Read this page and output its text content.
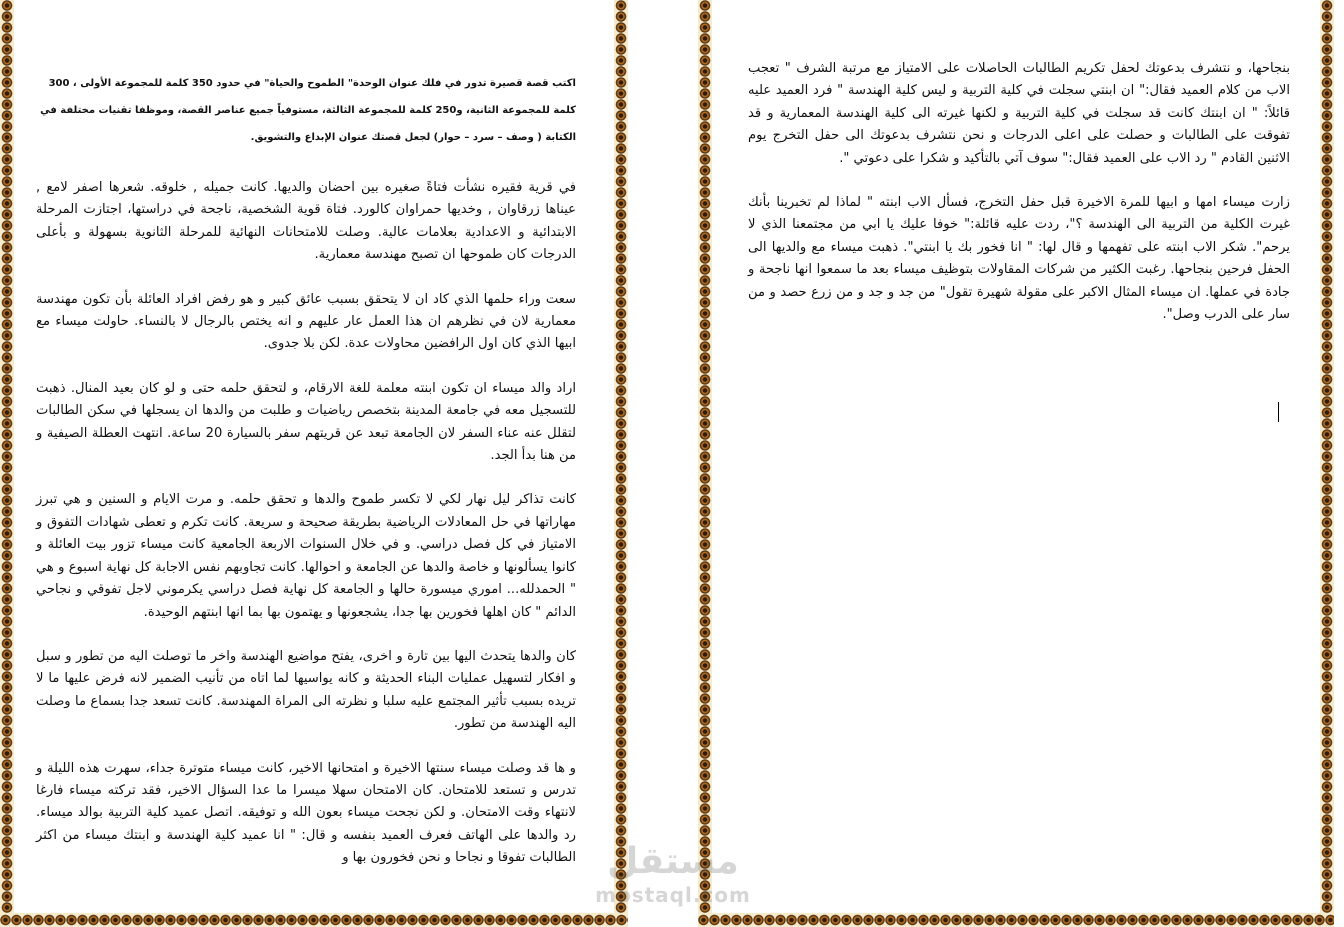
اكتب قصة قصيرة تدور في فلك عنوان الوحدة" الطموح والحياة" في حدود 350 كلمة للمجموعة الأولى ، 300 كلمة للمجموعة الثانية، و250 كلمة للمجموعة الثالثة، مستوفياً جميع عناصر القصة، وموظفا تقنيات مختلفة في الكتابة ( وصف – سرد – حوار) لجعل قصتك عنوان الإبداع والتشويق.

في قرية فقيره نشأت فتاةً صغيره بين احضان والديها. كانت جميله , خلوقه. شعرها اصفر لامع , عيناها زرقاوان , وخديها حمراوان كالورد. فتاة قوية الشخصية، ناجحة في دراستها، اجتازت المرحلة الابتدائية و الاعدادية بعلامات عالية. وصلت للامتحانات النهائية للمرحلة الثانوية بسهولة و بأعلى الدرجات كان طموحها ان تصبح مهندسة معمارية.

سعت وراء حلمها الذي كاد ان لا يتحقق بسبب عائق كبير و هو رفض افراد العائلة بأن تكون مهندسة معمارية لان في نظرهم ان هذا العمل عار عليهم و انه يختص بالرجال لا بالنساء. حاولت ميساء مع ابيها الذي كان اول الرافضين محاولات عدة. لكن بلا جدوى.

اراد والد ميساء ان تكون ابنته معلمة للغة الارقام، و لتحقق حلمه حتى و لو كان بعيد المنال. ذهبت للتسجيل معه في جامعة المدينة بتخصص رياضيات و طلبت من والدها ان يسجلها في سكن الطالبات لتقلل عنه عناء السفر لان الجامعة تبعد عن قريتهم سفر بالسيارة 20 ساعة. انتهت العطلة الصيفية و من هنا بدأ الجد.

كانت تذاكر ليل نهار لكي لا تكسر طموح والدها و تحقق حلمه. و مرت الايام و السنين و هي تبرز مهاراتها في حل المعادلات الرياضية بطريقة صحيحة و سريعة. كانت تكرم و تعطى شهادات التفوق و الامتياز في كل فصل دراسي. و في خلال السنوات الاربعة الجامعية كانت ميساء تزور بيت العائلة و كانوا يسألونها و خاصة والدها عن الجامعة و احوالها. كانت تجاوبهم نفس الاجابة كل نهاية اسبوع و هي " الحمدلله... اموري ميسورة حالها و الجامعة كل نهاية فصل دراسي يكرموني لاجل تفوقي و نجاحي الدائم " كان اهلها فخورين بها جدا، يشجعونها و يهتمون بها بما انها ابنتهم الوحيدة.

كان والدها يتحدث اليها بين تارة و اخرى، يفتح مواضيع الهندسة واخر ما توصلت اليه من تطور و سبل و افكار لتسهيل عمليات البناء الحديثة و كانه يواسيها لما اتاه من تأنيب الضمير لانه فرض عليها ما لا تريده بسبب تأثير المجتمع عليه سلبا و نظرته الى المراة المهندسة. كانت تسعد جدا بسماع ما وصلت اليه الهندسة من تطور.

و ها قد وصلت ميساء سنتها الاخيرة و امتحانها الاخير، كانت ميساء متوترة جداء، سهرت هذه الليلة و تدرس و تستعد للامتحان. كان الامتحان سهلا ميسرا ما عدا السؤال الاخير، فقد تركته ميساء فارغا لانتهاء وقت الامتحان. و لكن نجحت ميساء بعون الله و توفيقه. اتصل عميد كلية التربية بوالد ميساء. رد والدها على الهاتف فعرف العميد بنفسه و قال: " انا عميد كلية الهندسة و ابنتك ميساء من اكثر الطالبات تفوقا و نجاحا و نحن فخورون بها و

بنجاحها، و نتشرف بدعوتك لحفل تكريم الطالبات الحاصلات على الامتياز مع مرتبة الشرف " تعجب الاب من كلام العميد فقال:" ان ابنتي سجلت في كلية التربية و ليس كلية الهندسة " فرد العميد عليه قائلاً: " ان ابنتك كانت قد سجلت في كلية التربية و لكنها غيرته الى كلية الهندسة المعمارية و قد تفوقت على الطالبات و حصلت على اعلى الدرجات و نحن نتشرف بدعوتك الى حفل التخرج يوم الاثنين القادم " رد الاب على العميد فقال:" سوف آتي بالتأكيد و شكرا على دعوتي ".

زارت ميساء امها و ابيها للمرة الاخيرة قبل حفل التخرج، فسأل الاب ابنته " لماذا لم تخبرينا بأنك غيرت الكلية من التربية الى الهندسة ؟"، ردت عليه قائلة:" خوفا عليك يا ابي من مجتمعنا الذي لا يرحم". شكر الاب ابنته على تفهمها و قال لها: " انا فخور بك يا ابنتي". ذهبت ميساء مع والديها الى الحفل فرحين بنجاحها. رغبت الكثير من شركات المقاولات بتوظيف ميساء بعد ما سمعوا انها ناجحة و جادة في عملها. ان ميساء المثال الاكبر على مقولة شهيرة تقول" من جد و جد و من زرع حصد و من سار على الدرب وصل".

مستقل
mostaql.com
